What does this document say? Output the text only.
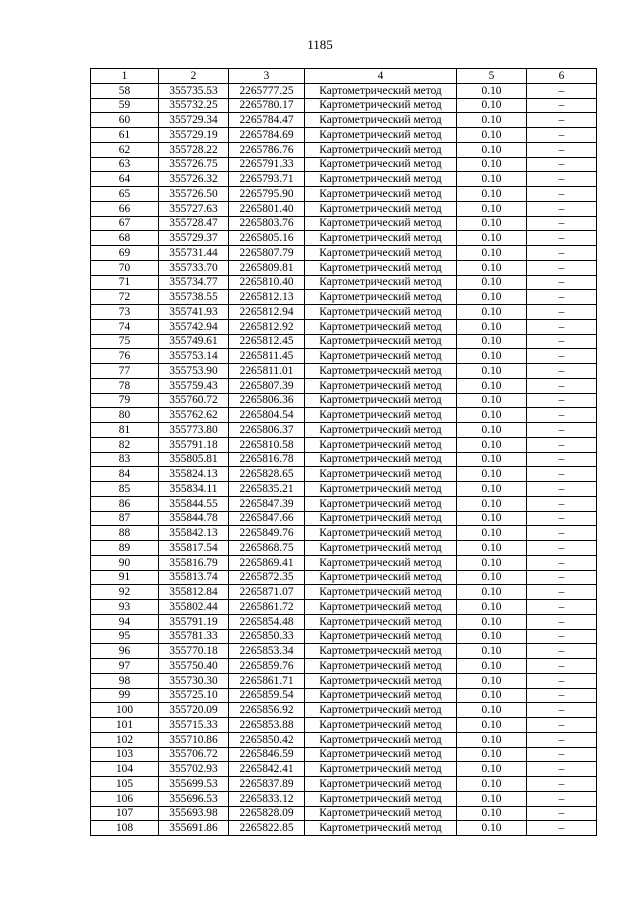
1185
1	2	3	4	5	6
58	355735.53	2265777.25	Картометрический метод	0.10	–
59	355732.25	2265780.17	Картометрический метод	0.10	–
60	355729.34	2265784.47	Картометрический метод	0.10	–
61	355729.19	2265784.69	Картометрический метод	0.10	–
62	355728.22	2265786.76	Картометрический метод	0.10	–
63	355726.75	2265791.33	Картометрический метод	0.10	–
64	355726.32	2265793.71	Картометрический метод	0.10	–
65	355726.50	2265795.90	Картометрический метод	0.10	–
66	355727.63	2265801.40	Картометрический метод	0.10	–
67	355728.47	2265803.76	Картометрический метод	0.10	–
68	355729.37	2265805.16	Картометрический метод	0.10	–
69	355731.44	2265807.79	Картометрический метод	0.10	–
70	355733.70	2265809.81	Картометрический метод	0.10	–
71	355734.77	2265810.40	Картометрический метод	0.10	–
72	355738.55	2265812.13	Картометрический метод	0.10	–
73	355741.93	2265812.94	Картометрический метод	0.10	–
74	355742.94	2265812.92	Картометрический метод	0.10	–
75	355749.61	2265812.45	Картометрический метод	0.10	–
76	355753.14	2265811.45	Картометрический метод	0.10	–
77	355753.90	2265811.01	Картометрический метод	0.10	–
78	355759.43	2265807.39	Картометрический метод	0.10	–
79	355760.72	2265806.36	Картометрический метод	0.10	–
80	355762.62	2265804.54	Картометрический метод	0.10	–
81	355773.80	2265806.37	Картометрический метод	0.10	–
82	355791.18	2265810.58	Картометрический метод	0.10	–
83	355805.81	2265816.78	Картометрический метод	0.10	–
84	355824.13	2265828.65	Картометрический метод	0.10	–
85	355834.11	2265835.21	Картометрический метод	0.10	–
86	355844.55	2265847.39	Картометрический метод	0.10	–
87	355844.78	2265847.66	Картометрический метод	0.10	–
88	355842.13	2265849.76	Картометрический метод	0.10	–
89	355817.54	2265868.75	Картометрический метод	0.10	–
90	355816.79	2265869.41	Картометрический метод	0.10	–
91	355813.74	2265872.35	Картометрический метод	0.10	–
92	355812.84	2265871.07	Картометрический метод	0.10	–
93	355802.44	2265861.72	Картометрический метод	0.10	–
94	355791.19	2265854.48	Картометрический метод	0.10	–
95	355781.33	2265850.33	Картометрический метод	0.10	–
96	355770.18	2265853.34	Картометрический метод	0.10	–
97	355750.40	2265859.76	Картометрический метод	0.10	–
98	355730.30	2265861.71	Картометрический метод	0.10	–
99	355725.10	2265859.54	Картометрический метод	0.10	–
100	355720.09	2265856.92	Картометрический метод	0.10	–
101	355715.33	2265853.88	Картометрический метод	0.10	–
102	355710.86	2265850.42	Картометрический метод	0.10	–
103	355706.72	2265846.59	Картометрический метод	0.10	–
104	355702.93	2265842.41	Картометрический метод	0.10	–
105	355699.53	2265837.89	Картометрический метод	0.10	–
106	355696.53	2265833.12	Картометрический метод	0.10	–
107	355693.98	2265828.09	Картометрический метод	0.10	–
108	355691.86	2265822.85	Картометрический метод	0.10	–
